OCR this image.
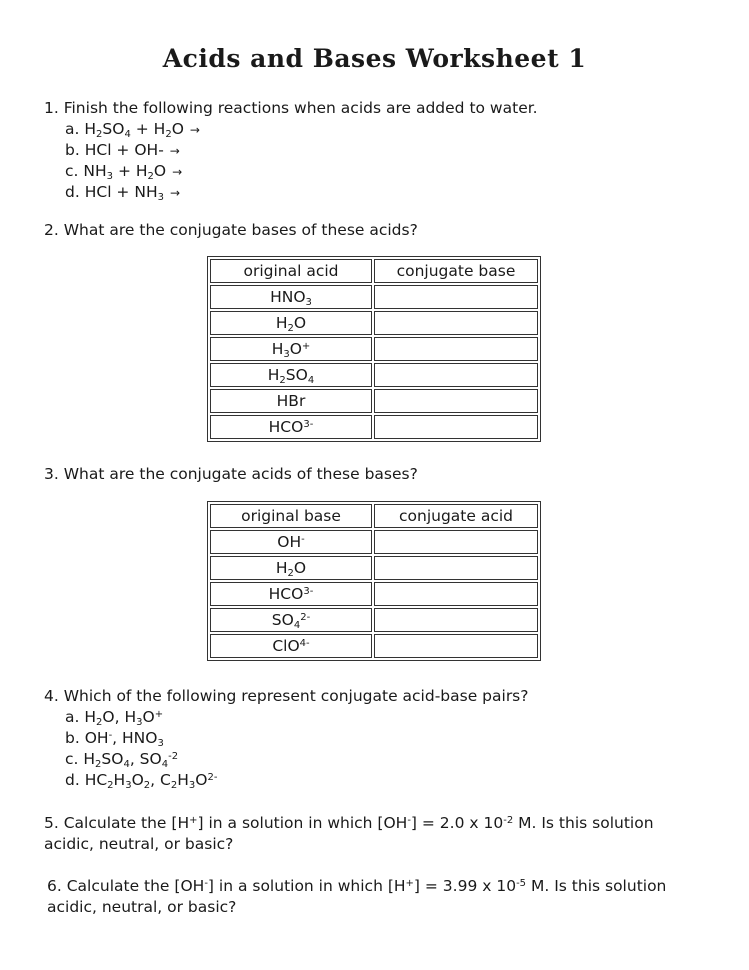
Acids and Bases Worksheet 1
1. Finish the following reactions when acids are added to water.
a. $H_2SO_4 + H_2O$ →
b. HCl + OH- →
c. $NH_3 + H_2O$ →
d. HCl + $NH_3$ →
2. What are the conjugate bases of these acids?
original acid	conjugate base
$HNO_3$	
$H_2O$	
$H_3O^+$	
$H_2SO_4$	
HBr	
$HCO^{3-}$	
3. What are the conjugate acids of these bases?
original base	conjugate acid
OH-	
$H_2O$	
$HCO^{3-}$	
$SO_4^{2-}$	
ClO$^{4-}$	
4. Which of the following represent conjugate acid-base pairs?
a. $H_2O$, $H_3O^+$
b. OH-, $HNO_3$
c. $H_2SO_4$, $SO_4^{-2}$
d. $HC_2H_3O_2$, $C_2H_3O^{2-}$
5. Calculate the [H+] in a solution in which [OH-] = 2.0 x $10^{-2}$ M. Is this solution acidic, neutral, or basic?
6. Calculate the [OH-] in a solution in which [H+] = 3.99 x $10^{-5}$ M. Is this solution acidic, neutral, or basic?
